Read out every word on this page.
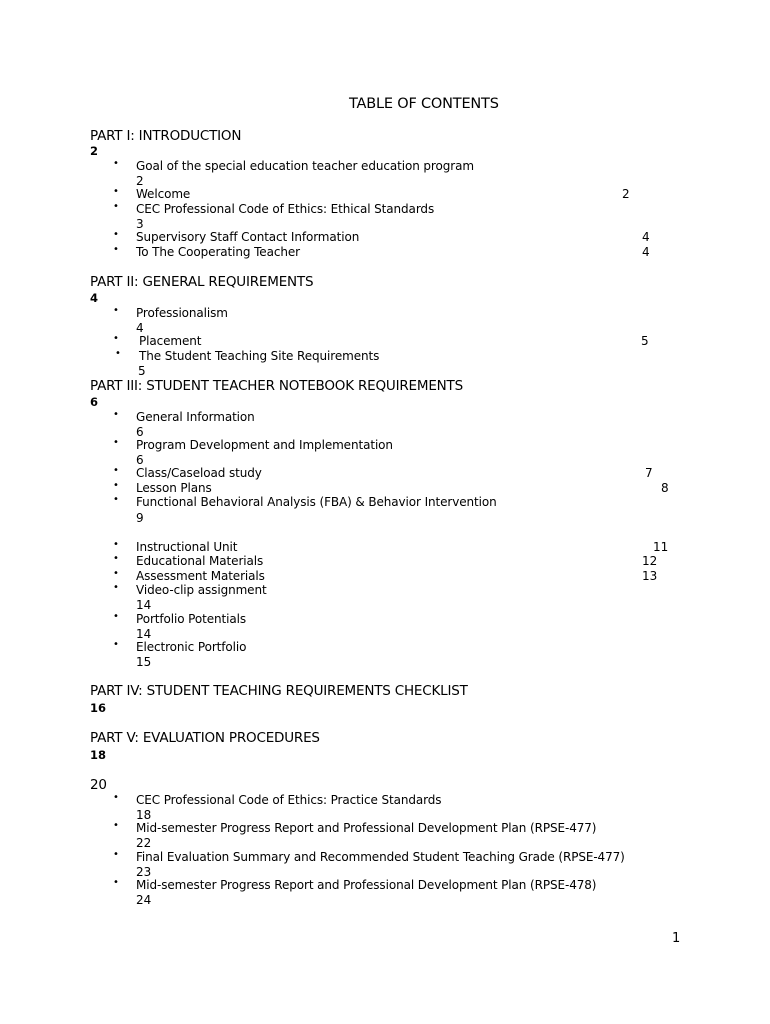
TABLE OF CONTENTS
PART I: INTRODUCTION
2
• Goal of the special education teacher education program
2
• Welcome	2
• CEC Professional Code of Ethics: Ethical Standards
3
• Supervisory Staff Contact Information	4
• To The Cooperating Teacher	4
PART II: GENERAL REQUIREMENTS
4
• Professionalism
4
• Placement	5
• The Student Teaching Site Requirements
5
PART III: STUDENT TEACHER NOTEBOOK REQUIREMENTS
6
• General Information
6
• Program Development and Implementation
6
• Class/Caseload study	7
• Lesson Plans	8
• Functional Behavioral Analysis (FBA) & Behavior Intervention
9
• Instructional Unit	11
• Educational Materials	12
• Assessment Materials	13
• Video-clip assignment
14
• Portfolio Potentials
14
• Electronic Portfolio
15
PART IV: STUDENT TEACHING REQUIREMENTS CHECKLIST
16
PART V: EVALUATION PROCEDURES
18
20
• CEC Professional Code of Ethics: Practice Standards
18
• Mid-semester Progress Report and Professional Development Plan (RPSE-477)
22
• Final Evaluation Summary and Recommended Student Teaching Grade (RPSE-477)
23
• Mid-semester Progress Report and Professional Development Plan (RPSE-478)
24
1
